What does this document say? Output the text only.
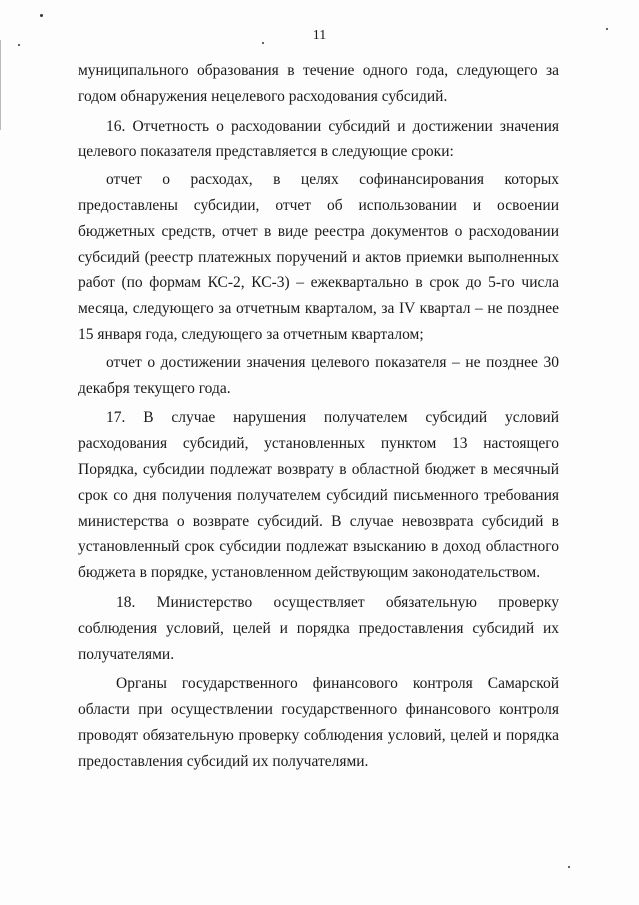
11

муниципального образования в течение одного года, следующего за годом обнаружения нецелевого расходования субсидий.

16. Отчетность о расходовании субсидий и достижении значения целевого показателя представляется в следующие сроки:

отчет о расходах, в целях софинансирования которых предоставлены субсидии, отчет об использовании и освоении бюджетных средств, отчет в виде реестра документов о расходовании субсидий (реестр платежных поручений и актов приемки выполненных работ (по формам КС-2, КС-3) – ежеквартально в срок до 5-го числа месяца, следующего за отчетным кварталом, за IV квартал – не позднее 15 января года, следующего за отчетным кварталом;

отчет о достижении значения целевого показателя – не позднее 30 декабря текущего года.

17. В случае нарушения получателем субсидий условий расходования субсидий, установленных пунктом 13 настоящего Порядка, субсидии подлежат возврату в областной бюджет в месячный срок со дня получения получателем субсидий письменного требования министерства о возврате субсидий. В случае невозврата субсидий в установленный срок субсидии подлежат взысканию в доход областного бюджета в порядке, установленном действующим законодательством.

18. Министерство осуществляет обязательную проверку соблюдения условий, целей и порядка предоставления субсидий их получателями.

Органы государственного финансового контроля Самарской области при осуществлении государственного финансового контроля проводят обязательную проверку соблюдения условий, целей и порядка предоставления субсидий их получателями.
